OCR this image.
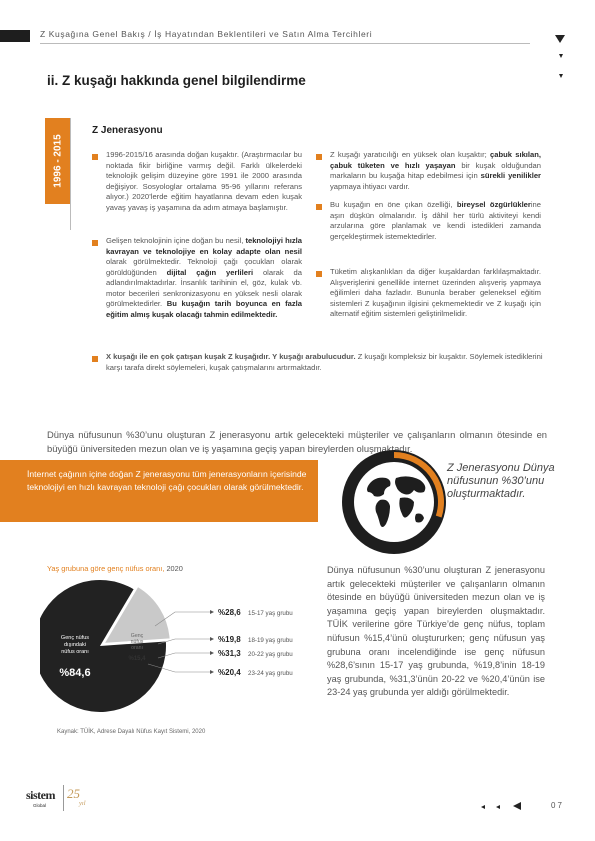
Z Kuşağına Genel Bakış / İş Hayatından Beklentileri ve Satın Alma Tercihleri
ii. Z kuşağı hakkında genel bilgilendirme
1996 - 2015
Z Jenerasyonu
1996-2015/16 arasında doğan kuşaktır. (Araştırmacılar bu noktada fikir birliğine varmış değil. Farklı ülkelerdeki teknolojik gelişim düzeyine göre 1991 ile 2000 arasında değişiyor. Sosyologlar ortalama 95-96 yıllarını referans alıyor.) 2020’lerde eğitim hayatlarına devam eden kuşak yavaş yavaş iş yaşamına da adım atmaya başlamıştır.
Gelişen teknolojinin içine doğan bu nesil, teknolojiyi hızla kavrayan ve teknolojiye en kolay adapte olan nesil olarak görülmektedir. Teknoloji çağı çocukları olarak görüldüğünden dijital çağın yerlileri olarak da adlandırılmaktadırlar. İnsanlık tarihinin el, göz, kulak vb. motor becerileri senkronizasyonu en yüksek nesli olarak görülmektedirler. Bu kuşağın tarih boyunca en fazla eğitim almış kuşak olacağı tahmin edilmektedir.
Z kuşağı yaratıcılığı en yüksek olan kuşaktır; çabuk sıkılan, çabuk tüketen ve hızlı yaşayan bir kuşak olduğundan markaların bu kuşağa hitap edebilmesi için sürekli yenilikler yapmaya ihtiyacı vardır.
Bu kuşağın en öne çıkan özelliği, bireysel özgürlüklerine aşırı düşkün olmalarıdır. İş dâhil her türlü aktiviteyi kendi arzularına göre planlamak ve kendi istedikleri zamanda gerçekleştirmek istemektedirler.
Tüketim alışkanlıkları da diğer kuşaklardan farklılaşmaktadır. Alışverişlerini genellikle internet üzerinden alışveriş yapmaya eğilimleri daha fazladır. Bununla beraber geleneksel eğitim sistemleri Z kuşağının ilgisini çekmemektedir ve Z kuşağı için alternatif eğitim sistemleri geliştirilmelidir.
X kuşağı ile en çok çatışan kuşak Z kuşağıdır. Y kuşağı arabulucudur. Z kuşağı kompleksiz bir kuşaktır. Söylemek istediklerini karşı tarafa direkt söylemeleri, kuşak çatışmalarını artırmaktadır.
Dünya nüfusunun %30’unu oluşturan Z jenerasyonu artık gelecekteki müşteriler ve çalışanların olmanın ötesinde en büyüğü üniversiteden mezun olan ve iş yaşamına geçiş yapan bireylerden oluşmaktadır.
İnternet çağının içine doğan Z jenerasyonu tüm jenerasyonların içerisinde teknolojiyi en hızlı kavrayan teknoloji çağı çocukları olarak görülmektedir.
Z Jenerasyonu Dünya nüfusunun %30’unu oluşturmaktadır.
Yaş grubuna göre genç nüfus oranı, 2020
Genç nüfus
dışındaki
nüfus oranı
%84,6
Genç
nüfus
oranı
%15,4
%28,6 15-17 yaş grubu
%19,8 18-19 yaş grubu
%31,3 20-22 yaş grubu
%20,4 23-24 yaş grubu
Kaynak: TÜİK, Adrese Dayalı Nüfus Kayıt Sistemi, 2020
Dünya nüfusunun %30’unu oluşturan Z jenerasyonu artık gelecekteki müşteriler ve çalışanların olmanın ötesinde en büyüğü üniversiteden mezun olan ve iş yaşamına geçiş yapan bireylerden oluşmaktadır. TÜİK verilerine göre Türkiye’de genç nüfus, toplam nüfusun %15,4’ünü oluştururken; genç nüfusun yaş grubuna oranı incelendiğinde ise genç nüfusun %28,6’sının 15-17 yaş grubunda, %19,8’inin 18-19 yaş grubunda, %31,3’ünün 20-22 ve %20,4’ünün ise 23-24 yaş grubunda yer aldığı görülmektedir.
sistem
Global
25
yıl	07
